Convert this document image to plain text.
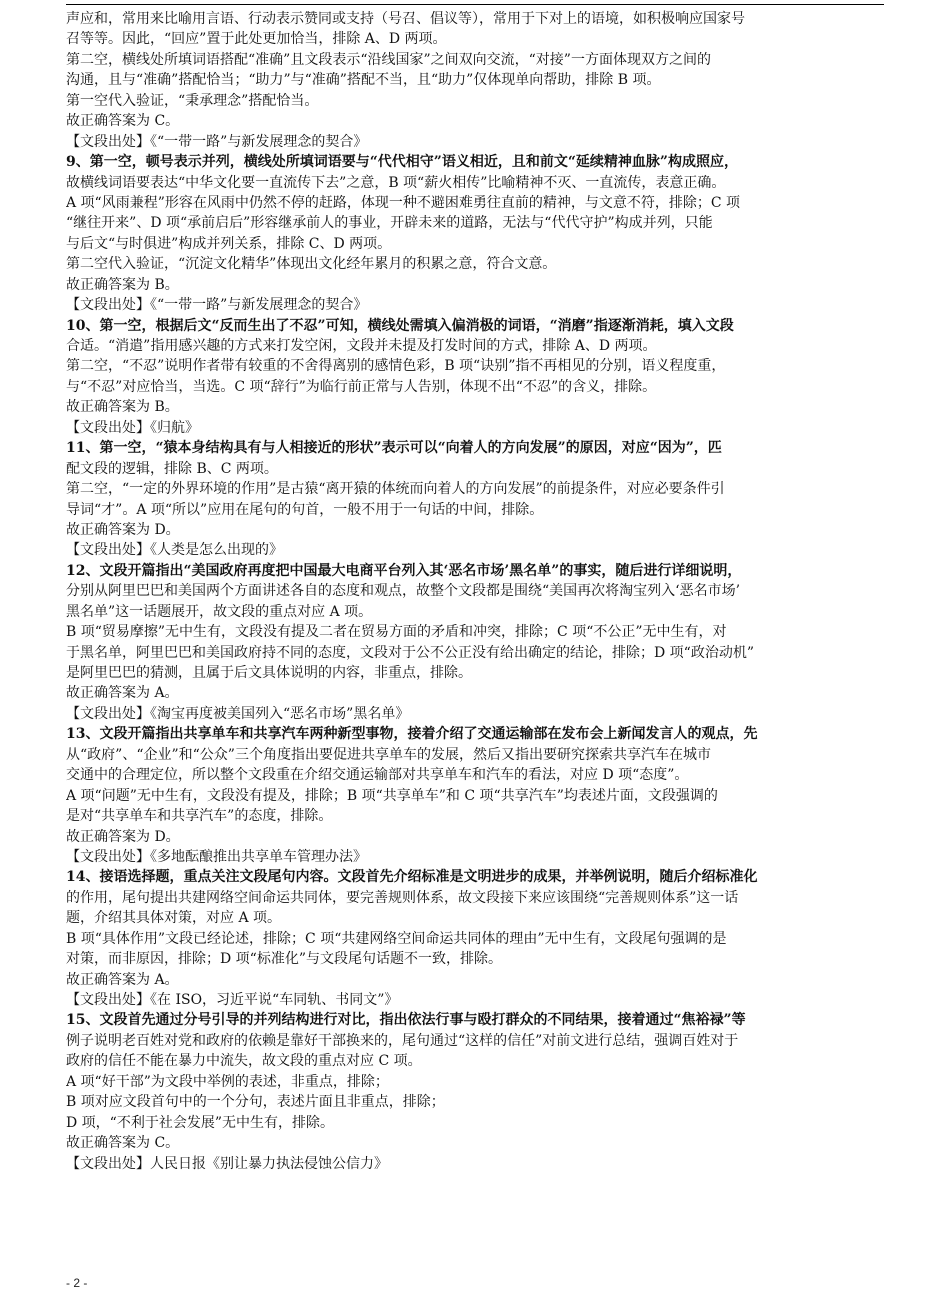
声应和，常用来比喻用言语、行动表示赞同或支持（号召、倡议等），常用于下对上的语境，如积极响应国家号
召等等。因此，“回应”置于此处更加恰当，排除 A、D 两项。
第二空，横线处所填词语搭配“准确”且文段表示“沿线国家”之间双向交流，“对接”一方面体现双方之间的
沟通，且与“准确”搭配恰当；“助力”与“准确”搭配不当，且“助力”仅体现单向帮助，排除 B 项。
第一空代入验证，“秉承理念”搭配恰当。
故正确答案为 C。
【文段出处】《“一带一路”与新发展理念的契合》
9、第一空，顿号表示并列，横线处所填词语要与“代代相守”语义相近，且和前文“延续精神血脉”构成照应，
故横线词语要表达“中华文化要一直流传下去”之意，B 项“薪火相传”比喻精神不灭、一直流传，表意正确。
A 项“风雨兼程”形容在风雨中仍然不停的赶路，体现一种不避困难勇往直前的精神，与文意不符，排除；C 项
“继往开来”、D 项“承前启后”形容继承前人的事业，开辟未来的道路，无法与“代代守护”构成并列，只能
与后文“与时俱进”构成并列关系，排除 C、D 两项。
第二空代入验证，“沉淀文化精华”体现出文化经年累月的积累之意，符合文意。
故正确答案为 B。
【文段出处】《“一带一路”与新发展理念的契合》
10、第一空，根据后文“反而生出了不忍”可知，横线处需填入偏消极的词语，“消磨”指逐渐消耗，填入文段
合适。“消遣”指用感兴趣的方式来打发空闲，文段并未提及打发时间的方式，排除 A、D 两项。
第二空，“不忍”说明作者带有较重的不舍得离别的感情色彩，B 项“诀别”指不再相见的分别，语义程度重，
与“不忍”对应恰当，当选。C 项“辞行”为临行前正常与人告别，体现不出“不忍”的含义，排除。
故正确答案为 B。
【文段出处】《归航》
11、第一空，“猿本身结构具有与人相接近的形状”表示可以“向着人的方向发展”的原因，对应“因为”，匹
配文段的逻辑，排除 B、C 两项。
第二空，“一定的外界环境的作用”是古猿“离开猿的体统而向着人的方向发展”的前提条件，对应必要条件引
导词“才”。A 项“所以”应用在尾句的句首，一般不用于一句话的中间，排除。
故正确答案为 D。
【文段出处】《人类是怎么出现的》
12、文段开篇指出“美国政府再度把中国最大电商平台列入其‘恶名市场’黑名单”的事实，随后进行详细说明，
分别从阿里巴巴和美国两个方面讲述各自的态度和观点，故整个文段都是围绕“美国再次将淘宝列入‘恶名市场’
黑名单”这一话题展开，故文段的重点对应 A 项。
B 项“贸易摩擦”无中生有，文段没有提及二者在贸易方面的矛盾和冲突，排除；C 项“不公正”无中生有，对
于黑名单，阿里巴巴和美国政府持不同的态度，文段对于公不公正没有给出确定的结论，排除；D 项“政治动机”
是阿里巴巴的猜测，且属于后文具体说明的内容，非重点，排除。
故正确答案为 A。
【文段出处】《淘宝再度被美国列入“恶名市场”黑名单》
13、文段开篇指出共享单车和共享汽车两种新型事物，接着介绍了交通运输部在发布会上新闻发言人的观点，先
从“政府”、“企业”和“公众”三个角度指出要促进共享单车的发展，然后又指出要研究探索共享汽车在城市
交通中的合理定位，所以整个文段重在介绍交通运输部对共享单车和汽车的看法，对应 D 项“态度”。
A 项“问题”无中生有，文段没有提及，排除；B 项“共享单车”和 C 项“共享汽车”均表述片面，文段强调的
是对“共享单车和共享汽车”的态度，排除。
故正确答案为 D。
【文段出处】《多地酝酿推出共享单车管理办法》
14、接语选择题，重点关注文段尾句内容。文段首先介绍标准是文明进步的成果，并举例说明，随后介绍标准化
的作用，尾句提出共建网络空间命运共同体，要完善规则体系，故文段接下来应该围绕“完善规则体系”这一话
题，介绍其具体对策，对应 A 项。
B 项“具体作用”文段已经论述，排除；C 项“共建网络空间命运共同体的理由”无中生有，文段尾句强调的是
对策，而非原因，排除；D 项“标准化”与文段尾句话题不一致，排除。
故正确答案为 A。
【文段出处】《在 ISO，习近平说“车同轨、书同文”》
15、文段首先通过分号引导的并列结构进行对比，指出依法行事与殴打群众的不同结果，接着通过“焦裕禄”等
例子说明老百姓对党和政府的依赖是靠好干部换来的，尾句通过“这样的信任”对前文进行总结，强调百姓对于
政府的信任不能在暴力中流失，故文段的重点对应 C 项。
A 项“好干部”为文段中举例的表述，非重点，排除；
B 项对应文段首句中的一个分句，表述片面且非重点，排除；
D 项，“不利于社会发展”无中生有，排除。
故正确答案为 C。
【文段出处】人民日报《别让暴力执法侵蚀公信力》
- 2 -
